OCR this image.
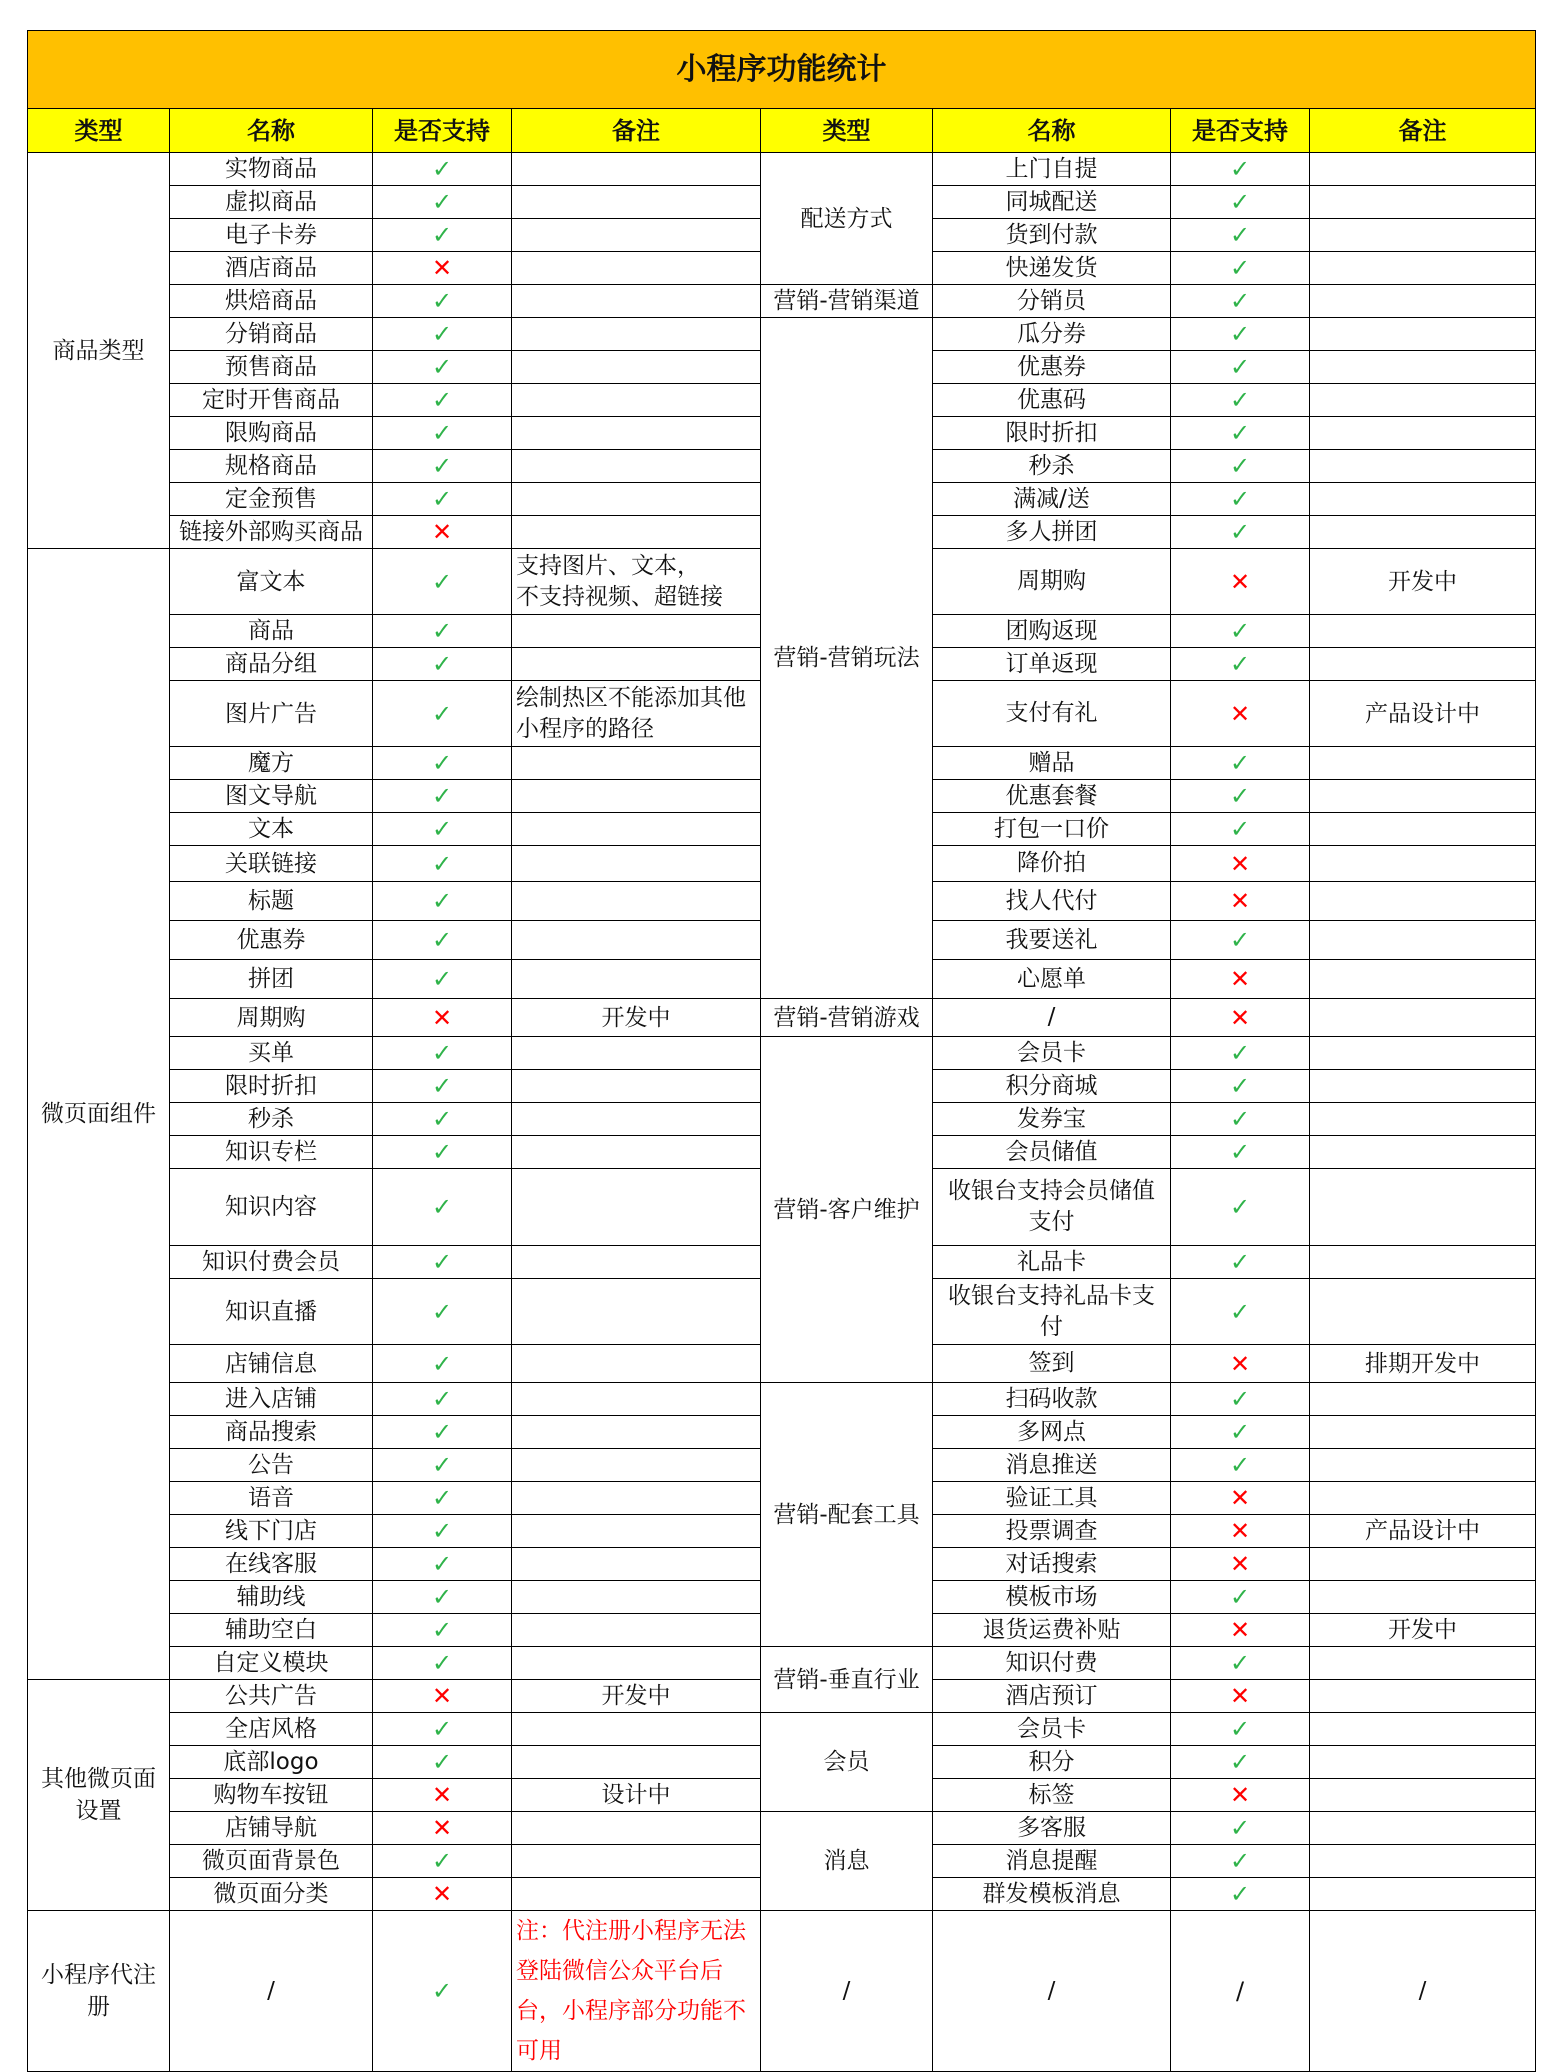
小程序功能统计							
类型	名称	是否支持	备注	类型	名称	是否支持	备注
商品类型	实物商品	✓		配送方式	上门自提	✓	
	虚拟商品	✓			同城配送	✓	
	电子卡券	✓			货到付款	✓	
	酒店商品	✕			快递发货	✓	
	烘焙商品	✓		营销-营销渠道	分销员	✓	
	分销商品	✓		营销-营销玩法	瓜分券	✓	
	预售商品	✓			优惠券	✓	
	定时开售商品	✓			优惠码	✓	
	限购商品	✓			限时折扣	✓	
	规格商品	✓			秒杀	✓	
	定金预售	✓			满减/送	✓	
	链接外部购买商品	✕			多人拼团	✓	
微页面组件	富文本	✓	支持图片、文本，
不支持视频、超链接		周期购	✕	开发中
	商品	✓			团购返现	✓	
	商品分组	✓			订单返现	✓	
	图片广告	✓	绘制热区不能添加其他小程序的路径		支付有礼	✕	产品设计中
	魔方	✓			赠品	✓	
	图文导航	✓			优惠套餐	✓	
	文本	✓			打包一口价	✓	
	关联链接	✓			降价拍	✕	
	标题	✓			找人代付	✕	
	优惠券	✓			我要送礼	✓	
	拼团	✓			心愿单	✕	
	周期购	✕	开发中	营销-营销游戏	/	✕	
	买单	✓		营销-客户维护	会员卡	✓	
	限时折扣	✓			积分商城	✓	
	秒杀	✓			发券宝	✓	
	知识专栏	✓			会员储值	✓	
	知识内容	✓			收银台支持会员储值支付	✓	
	知识付费会员	✓			礼品卡	✓	
	知识直播	✓			收银台支持礼品卡支付	✓	
	店铺信息	✓			签到	✕	排期开发中
	进入店铺	✓		营销-配套工具	扫码收款	✓	
	商品搜索	✓			多网点	✓	
	公告	✓			消息推送	✓	
	语音	✓			验证工具	✕	
	线下门店	✓			投票调查	✕	产品设计中
	在线客服	✓			对话搜索	✕	
	辅助线	✓			模板市场	✓	
	辅助空白	✓			退货运费补贴	✕	开发中
	自定义模块	✓		营销-垂直行业	知识付费	✓	
其他微页面设置	公共广告	✕	开发中		酒店预订	✕	
	全店风格	✓		会员	会员卡	✓	
	底部logo	✓			积分	✓	
	购物车按钮	✕	设计中		标签	✕	
	店铺导航	✕		消息	多客服	✓	
	微页面背景色	✓			消息提醒	✓	
	微页面分类	✕			群发模板消息	✓	
小程序代注册	/	✓	注：代注册小程序无法登陆微信公众平台后台，小程序部分功能不可用	/	/	/	/
